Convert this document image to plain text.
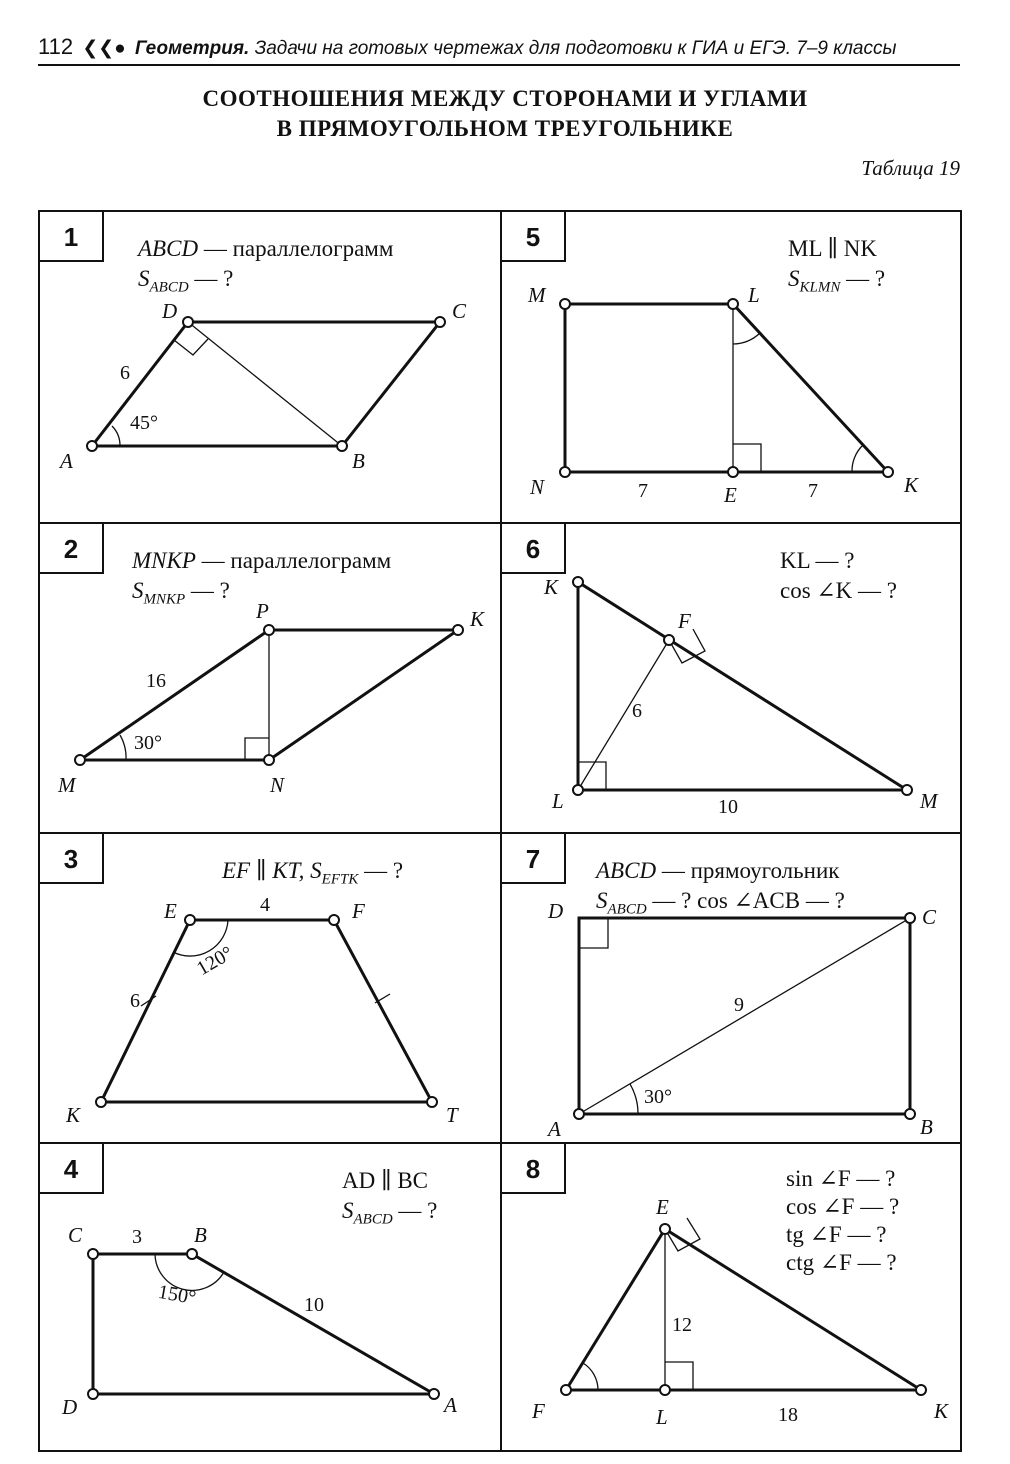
112 ❮❮● Геометрия. Задачи на готовых чертежах для подготовки к ГИА и ЕГЭ. 7–9 классы
СООТНОШЕНИЯ МЕЖДУ СТОРОНАМИ И УГЛАМИ
В ПРЯМОУГОЛЬНОМ ТРЕУГОЛЬНИКЕ
Таблица 19
1	ABCD — параллелограмм
$S_{ABCD}$ — ?
A	B
C
D
6
45°
5	ML ∥ NK
$S_{KLMN}$ — ?
M	L
N	E	K
7	7
2	MNKP — параллелограмм
$S_{MNKP}$ — ?
M	N
K
P
16
30°
6	KL — ?
cos ∠K — ?
K
F
L	M
6
10
3	EF ∥ KT, $S_{EFTK}$ — ?
E	F
K	T
4
6
120°
7	ABCD — прямоугольник
$S_{ABCD}$ — ? cos ∠ACB — ?
D	C
A	B
9
30°
4	AD ∥ BC
$S_{ABCD}$ — ?
C	B
D	A
3
10
150°
8	sin ∠F — ?
cos ∠F — ?
tg ∠F — ?
ctg ∠F — ?
E
F	L	K
12
18
